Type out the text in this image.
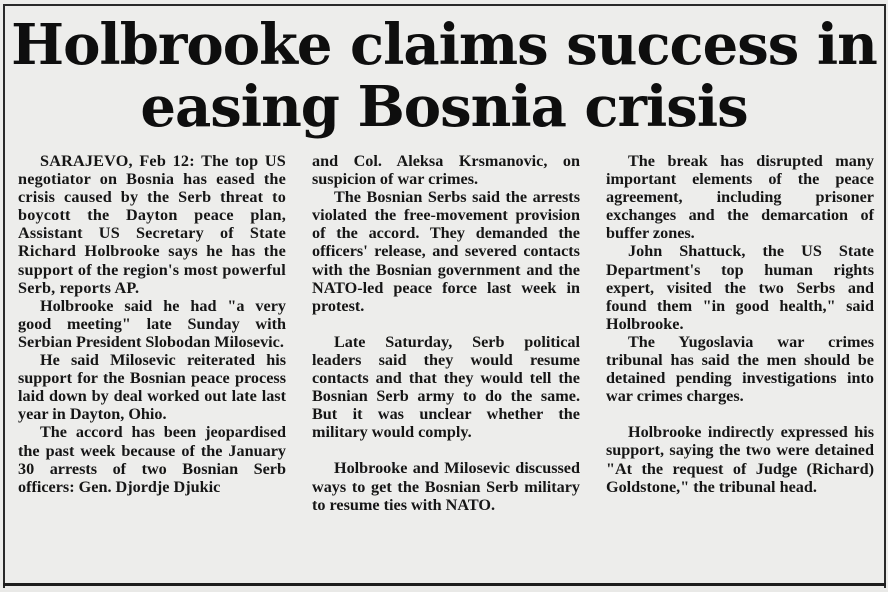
Holbrooke claims success in
easing Bosnia crisis

SARAJEVO, Feb 12: The top US negotiator on Bosnia has eased the crisis caused by the Serb threat to boycott the Dayton peace plan, Assistant US Secretary of State Richard Holbrooke says he has the support of the region's most powerful Serb, reports AP.

Holbrooke said he had "a very good meeting" late Sunday with Serbian President Slobodan Milosevic.

He said Milosevic reiterated his support for the Bosnian peace process laid down by deal worked out late last year in Dayton, Ohio.

The accord has been jeopardised the past week because of the January 30 arrests of two Bosnian Serb officers: Gen. Djordje Djukic

and Col. Aleksa Krsmanovic, on suspicion of war crimes.

The Bosnian Serbs said the arrests violated the free-movement provision of the accord. They demanded the officers' release, and severed contacts with the Bosnian government and the NATO-led peace force last week in protest.

Late Saturday, Serb political leaders said they would resume contacts and that they would tell the Bosnian Serb army to do the same. But it was unclear whether the military would comply.

Holbrooke and Milosevic discussed ways to get the Bosnian Serb military to resume ties with NATO.

The break has disrupted many important elements of the peace agreement, including prisoner exchanges and the demarcation of buffer zones.

John Shattuck, the US State Department's top human rights expert, visited the two Serbs and found them "in good health," said Holbrooke.

The Yugoslavia war crimes tribunal has said the men should be detained pending investigations into war crimes charges.

Holbrooke indirectly expressed his support, saying the two were detained "At the request of Judge (Richard) Goldstone," the tribunal head.
